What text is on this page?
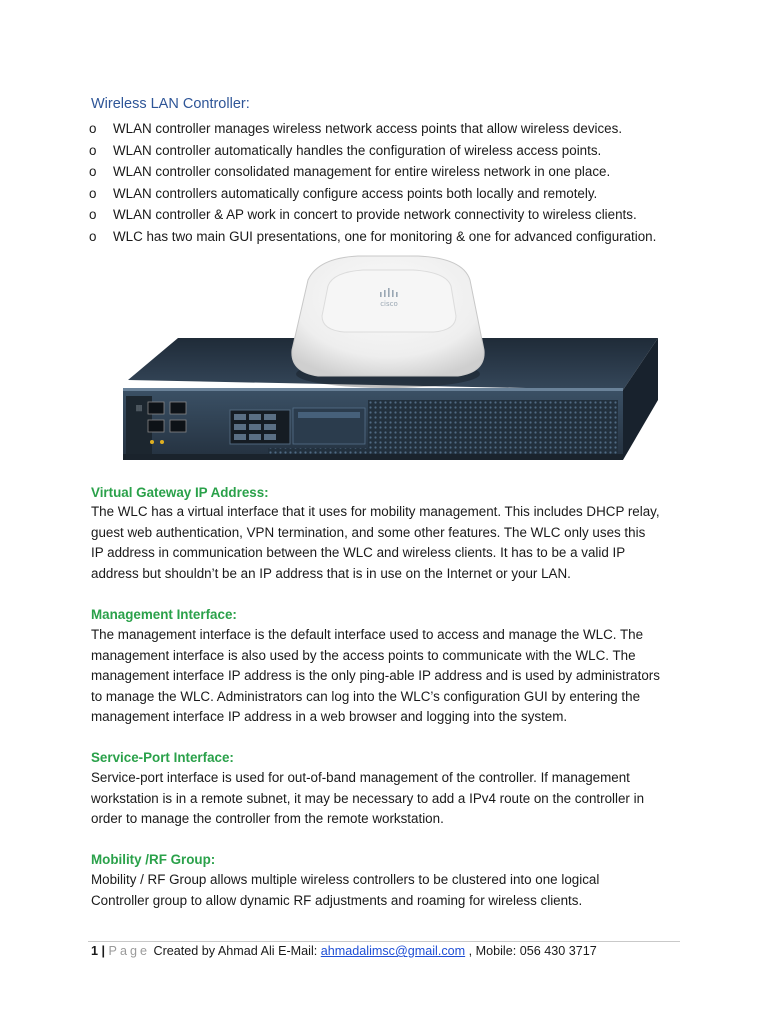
Wireless LAN Controller:
o WLAN controller manages wireless network access points that allow wireless devices.
o WLAN controller automatically handles the configuration of wireless access points.
o WLAN controller consolidated management for entire wireless network in one place.
o WLAN controllers automatically configure access points both locally and remotely.
o WLAN controller & AP work in concert to provide network connectivity to wireless clients.
o WLC has two main GUI presentations, one for monitoring & one for advanced configuration.
|||
cisco
Virtual Gateway IP Address:
The WLC has a virtual interface that it uses for mobility management. This includes DHCP relay,
guest web authentication, VPN termination, and some other features. The WLC only uses this
IP address in communication between the WLC and wireless clients. It has to be a valid IP
address but shouldn’t be an IP address that is in use on the Internet or your LAN.
Management Interface:
The management interface is the default interface used to access and manage the WLC. The
management interface is also used by the access points to communicate with the WLC. The
management interface IP address is the only ping-able IP address and is used by administrators
to manage the WLC. Administrators can log into the WLC’s configuration GUI by entering the
management interface IP address in a web browser and logging into the system.
Service-Port Interface:
Service-port interface is used for out-of-band management of the controller. If management
workstation is in a remote subnet, it may be necessary to add a IPv4 route on the controller in
order to manage the controller from the remote workstation.
Mobility /RF Group:
Mobility / RF Group allows multiple wireless controllers to be clustered into one logical
Controller group to allow dynamic RF adjustments and roaming for wireless clients.
1 | Page Created by Ahmad Ali E-Mail: ahmadalimsc@gmail.com , Mobile: 056 430 3717
